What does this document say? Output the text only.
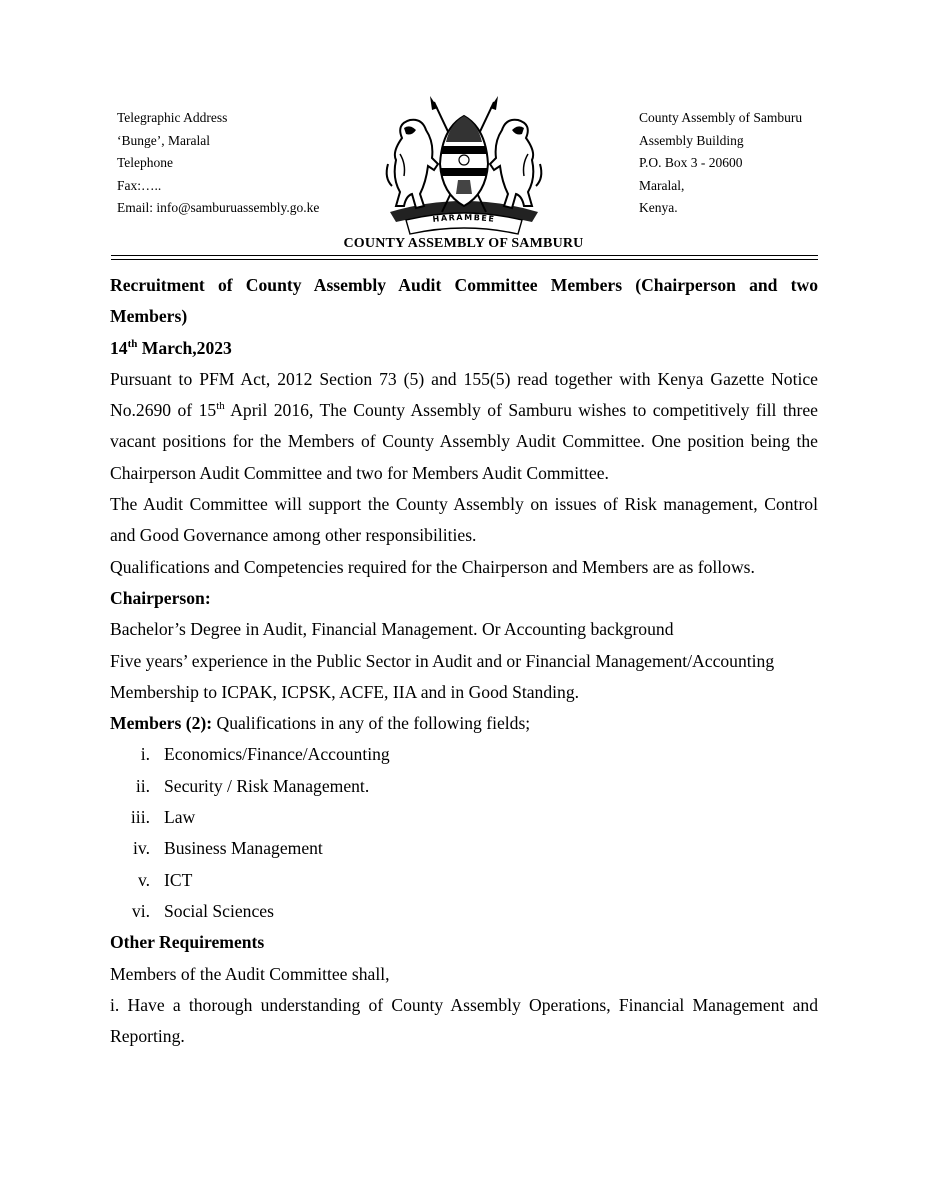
Telegraphic Address
‘Bunge’, Maralal
Telephone
Fax:…..
Email: info@samburuassembly.go.ke
HARAMBEE
County Assembly of Samburu
Assembly Building
P.O. Box 3 - 20600
Maralal,
Kenya.
COUNTY ASSEMBLY OF SAMBURU

Recruitment of County Assembly Audit Committee Members (Chairperson and two

Members)

14th March,2023

Pursuant to PFM Act, 2012 Section 73 (5) and 155(5) read together with Kenya Gazette Notice

No.2690 of 15th April 2016, The County Assembly of Samburu wishes to competitively fill three

vacant positions for the Members of County Assembly Audit Committee. One position being the

Chairperson Audit Committee and two for Members Audit Committee.

The Audit Committee will support the County Assembly on issues of Risk management, Control

and Good Governance among other responsibilities.

Qualifications and Competencies required for the Chairperson and Members are as follows.

Chairperson:

Bachelor’s Degree in Audit, Financial Management. Or Accounting background

Five years’ experience in the Public Sector in Audit and or Financial Management/Accounting

Membership to ICPAK, ICPSK, ACFE, IIA and in Good Standing.

Members (2): Qualifications in any of the following fields;

i. Economics/Finance/Accounting
ii. Security / Risk Management.
iii. Law
iv. Business Management
v. ICT
vi. Social Sciences

Other Requirements

Members of the Audit Committee shall,

i. Have a thorough understanding of County Assembly Operations, Financial Management and

Reporting.
